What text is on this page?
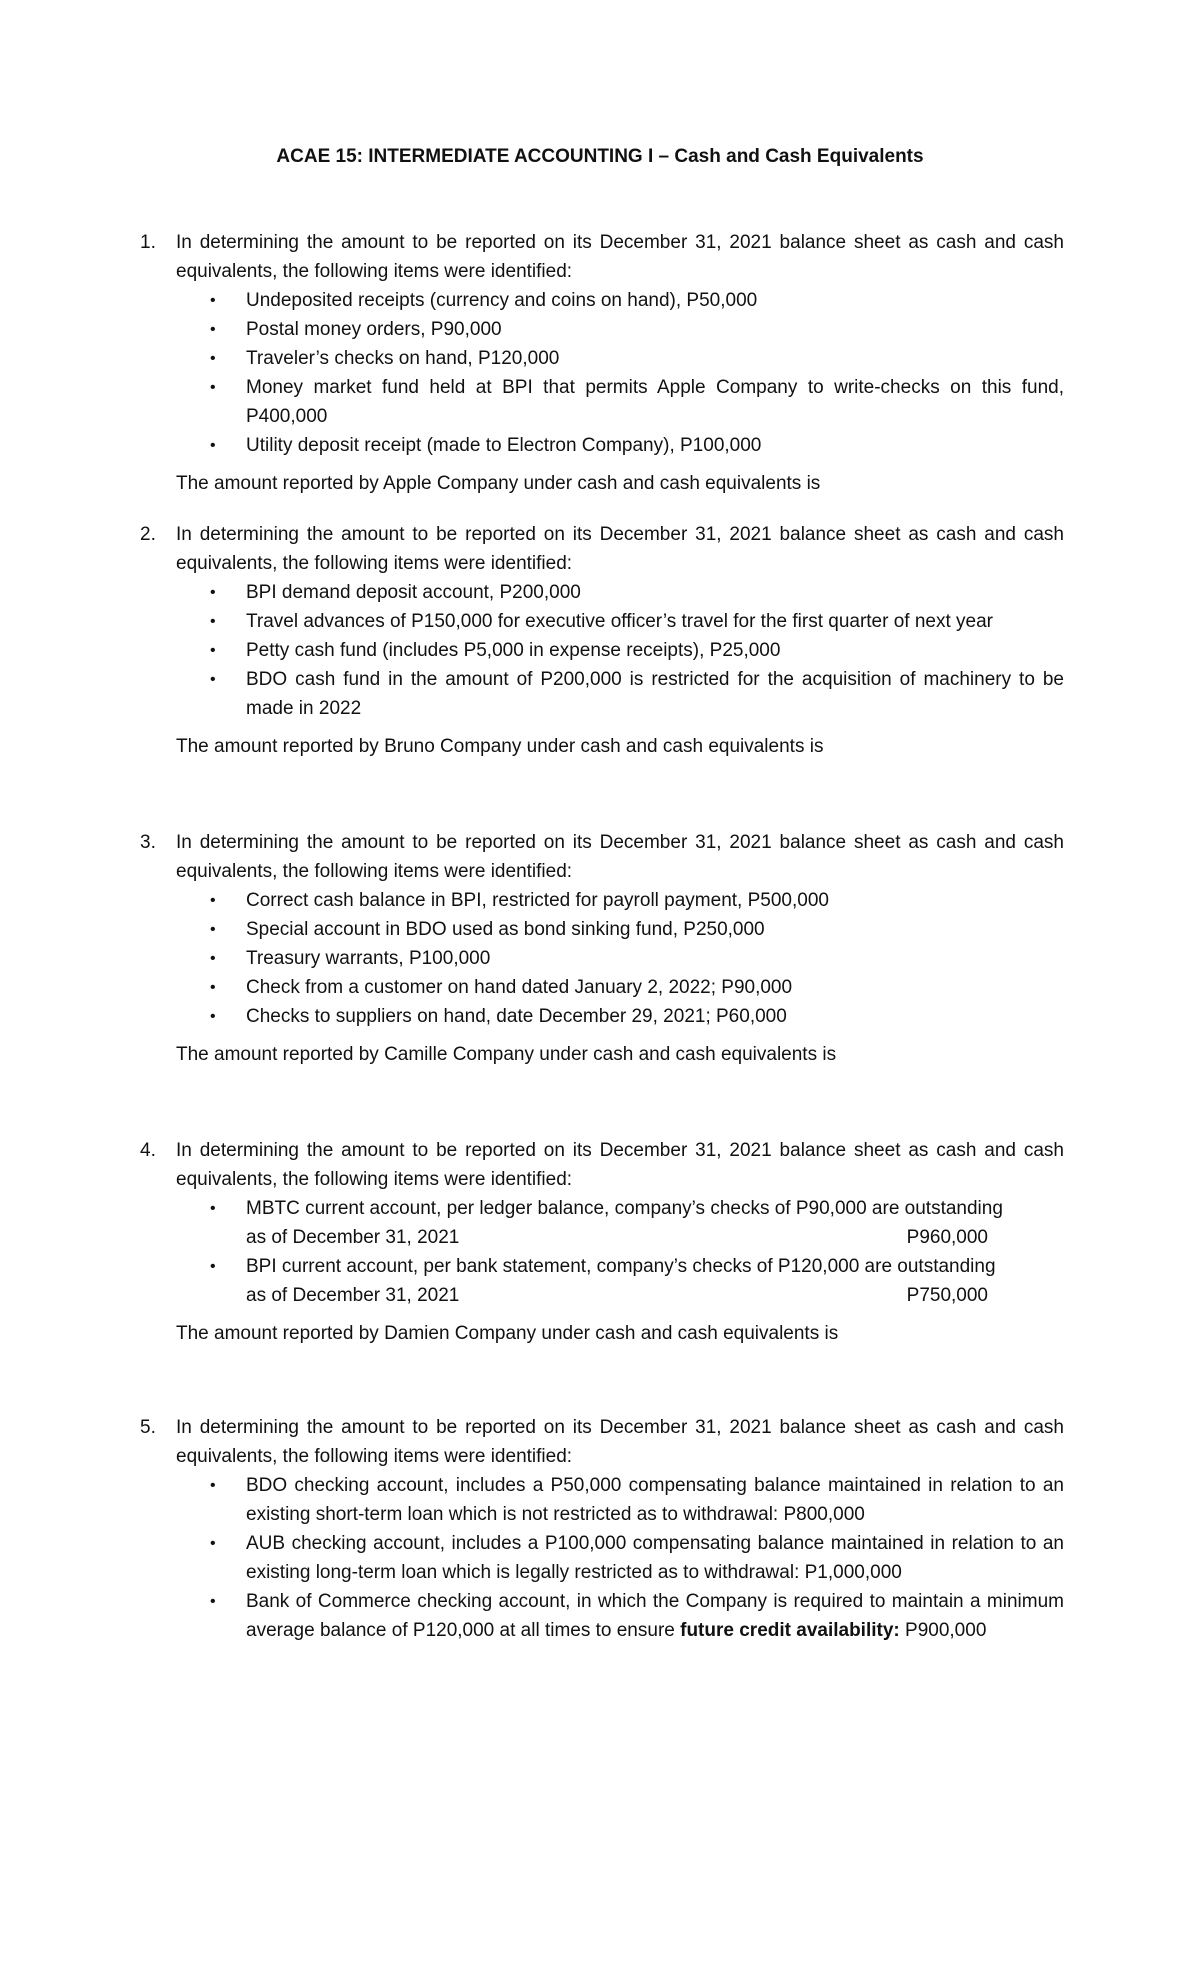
ACAE 15: INTERMEDIATE ACCOUNTING I – Cash and Cash Equivalents
1. In determining the amount to be reported on its December 31, 2021 balance sheet as cash and cash equivalents, the following items were identified:
• Undeposited receipts (currency and coins on hand), P50,000
• Postal money orders, P90,000
• Traveler’s checks on hand, P120,000
• Money market fund held at BPI that permits Apple Company to write-checks on this fund, P400,000
• Utility deposit receipt (made to Electron Company), P100,000
The amount reported by Apple Company under cash and cash equivalents is
2. In determining the amount to be reported on its December 31, 2021 balance sheet as cash and cash equivalents, the following items were identified:
• BPI demand deposit account, P200,000
• Travel advances of P150,000 for executive officer’s travel for the first quarter of next year
• Petty cash fund (includes P5,000 in expense receipts), P25,000
• BDO cash fund in the amount of P200,000 is restricted for the acquisition of machinery to be made in 2022
The amount reported by Bruno Company under cash and cash equivalents is
3. In determining the amount to be reported on its December 31, 2021 balance sheet as cash and cash equivalents, the following items were identified:
• Correct cash balance in BPI, restricted for payroll payment, P500,000
• Special account in BDO used as bond sinking fund, P250,000
• Treasury warrants, P100,000
• Check from a customer on hand dated January 2, 2022; P90,000
• Checks to suppliers on hand, date December 29, 2021; P60,000
The amount reported by Camille Company under cash and cash equivalents is
4. In determining the amount to be reported on its December 31, 2021 balance sheet as cash and cash equivalents, the following items were identified:
• MBTC current account, per ledger balance, company’s checks of P90,000 are outstanding
as of December 31, 2021	P960,000
• BPI current account, per bank statement, company’s checks of P120,000 are outstanding
as of December 31, 2021	P750,000
The amount reported by Damien Company under cash and cash equivalents is
5. In determining the amount to be reported on its December 31, 2021 balance sheet as cash and cash equivalents, the following items were identified:
• BDO checking account, includes a P50,000 compensating balance maintained in relation to an existing short-term loan which is not restricted as to withdrawal: P800,000
• AUB checking account, includes a P100,000 compensating balance maintained in relation to an existing long-term loan which is legally restricted as to withdrawal: P1,000,000
• Bank of Commerce checking account, in which the Company is required to maintain a minimum average balance of P120,000 at all times to ensure future credit availability: P900,000
